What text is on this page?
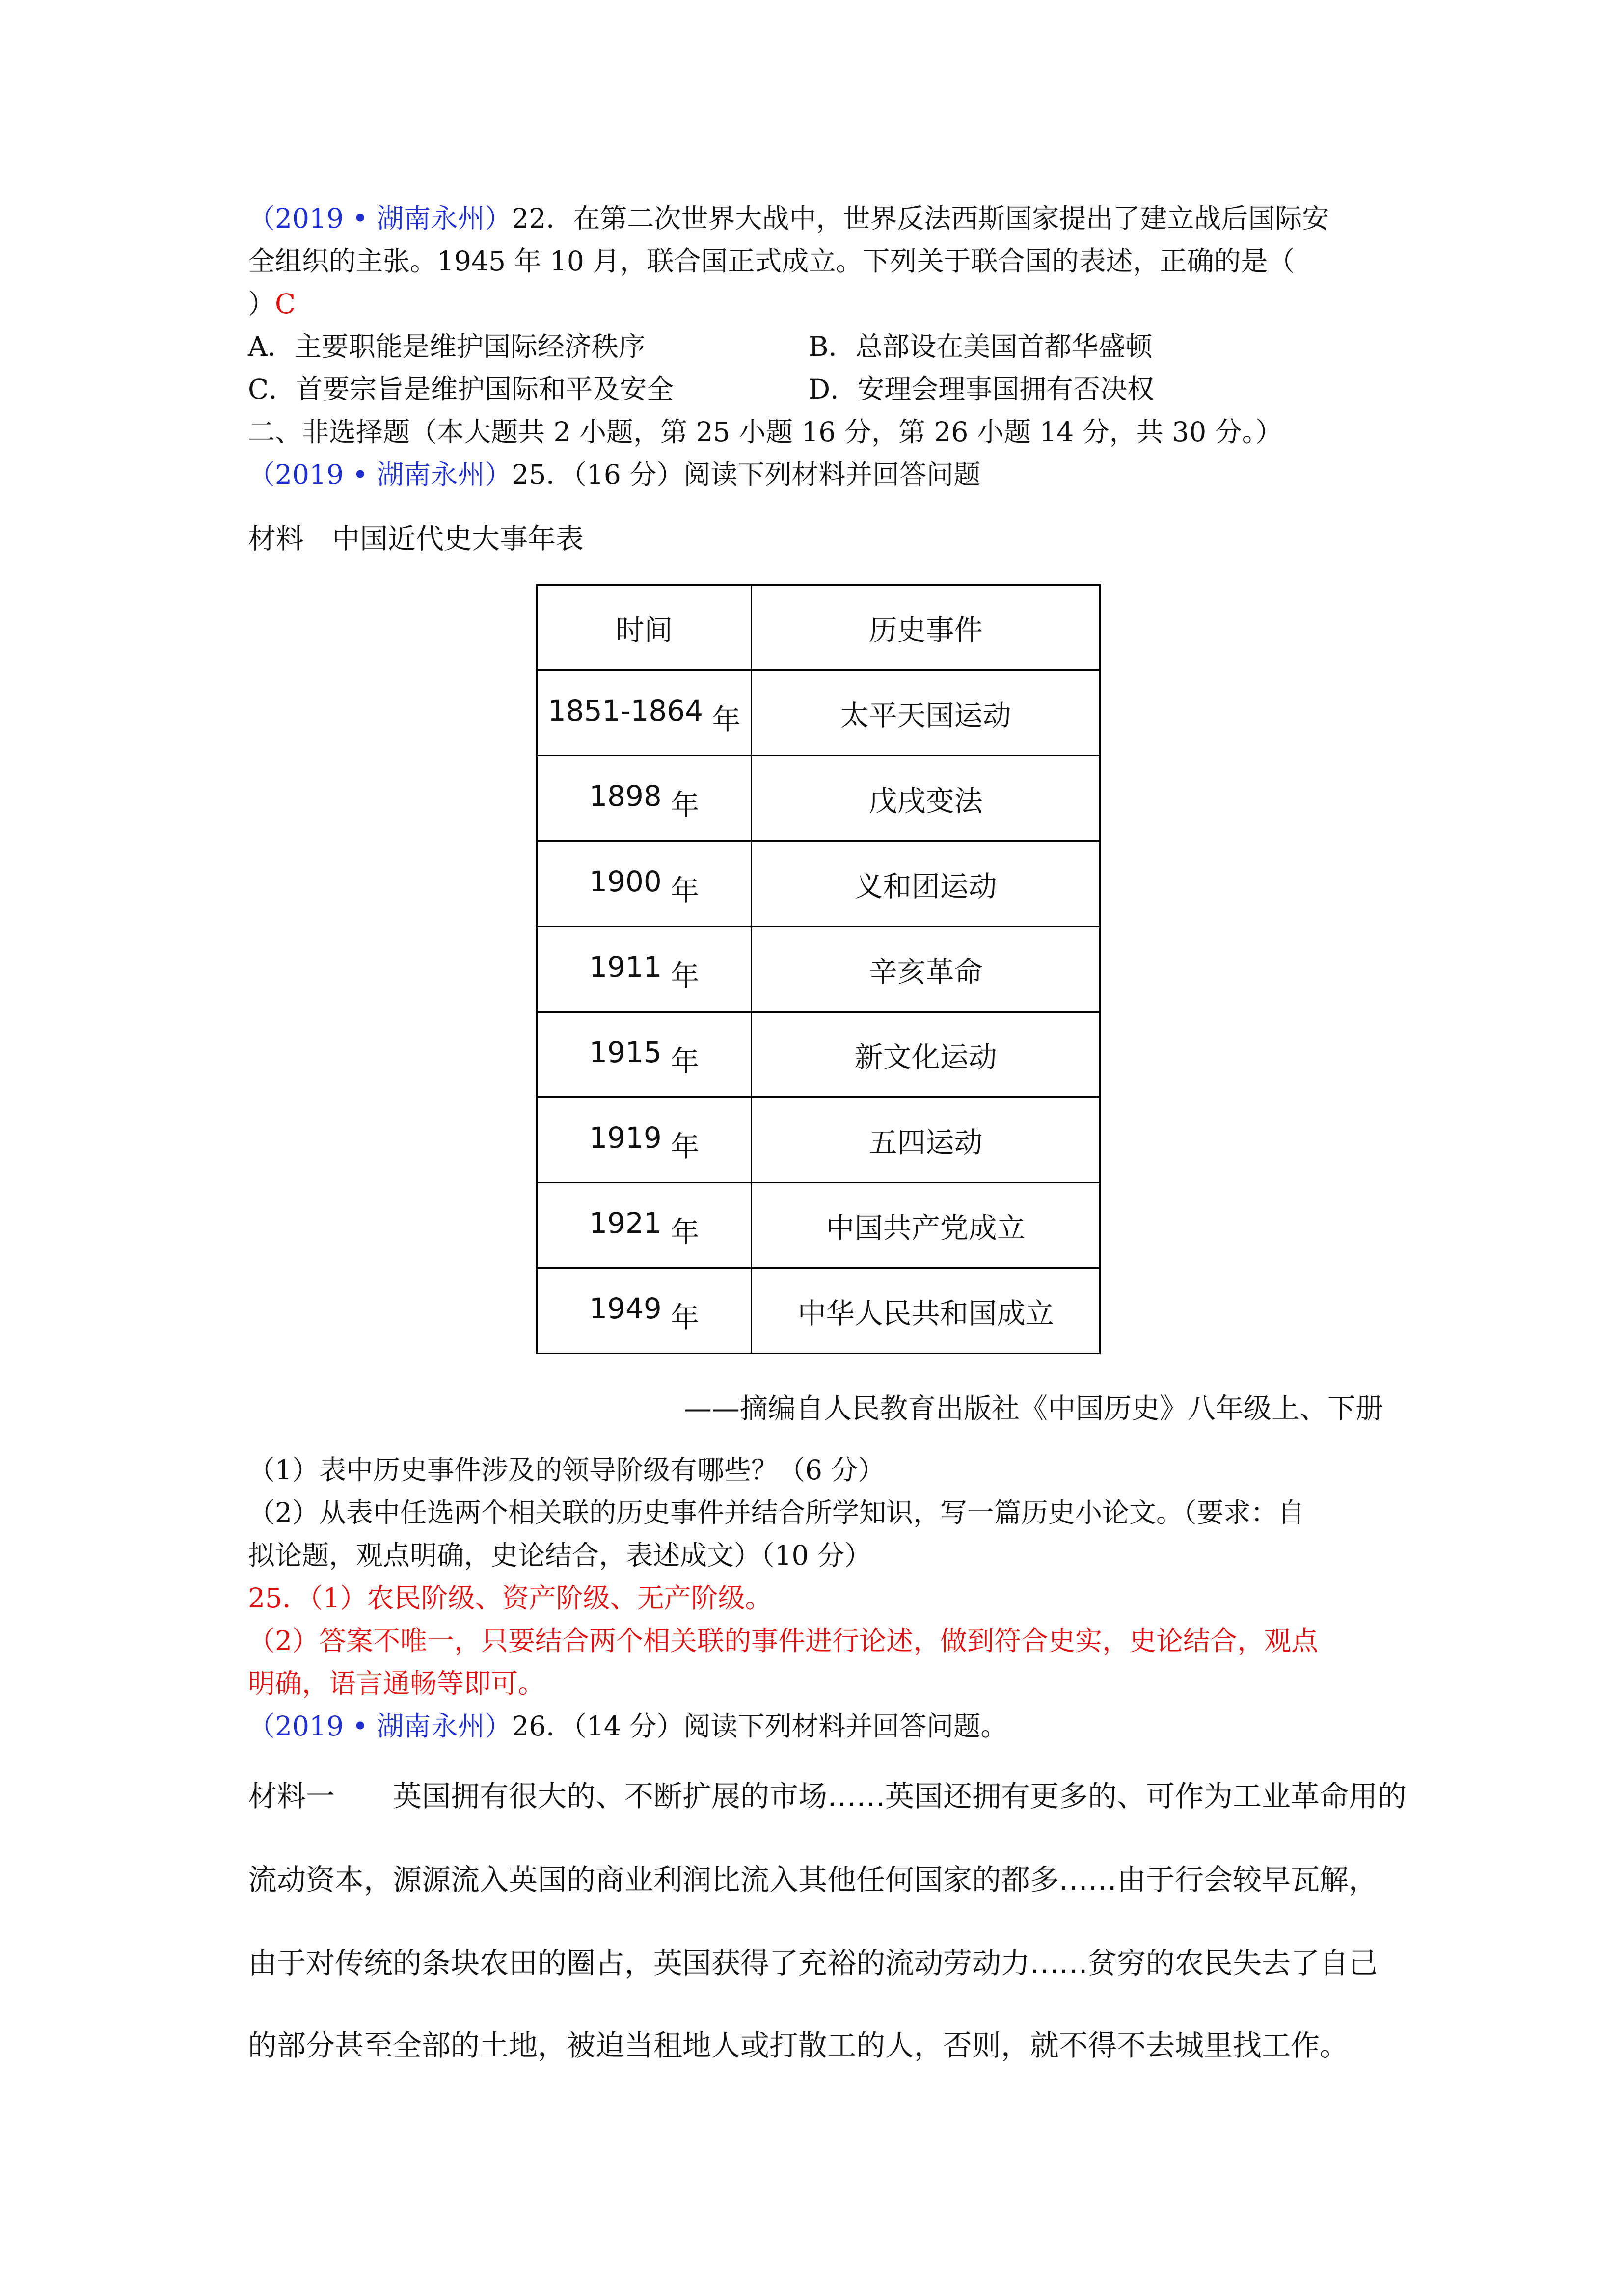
（2019 • 湖南永州）22．在第二次世界大战中，世界反法西斯国家提出了建立战后国际安
全组织的主张。1945 年 10 月，联合国正式成立。下列关于联合国的表述，正确的是（
）C
A．主要职能是维护国际经济秩序	B．总部设在美国首都华盛顿
C．首要宗旨是维护国际和平及安全	D．安理会理事国拥有否决权
二、非选择题（本大题共 2 小题，第 25 小题 16 分，第 26 小题 14 分，共 30 分。）
（2019 • 湖南永州）25．（16 分）阅读下列材料并回答问题
材料　中国近代史大事年表
时间	历史事件
1851-1864 年	太平天国运动
1898 年	戊戌变法
1900 年	义和团运动
1911 年	辛亥革命
1915 年	新文化运动
1919 年	五四运动
1921 年	中国共产党成立
1949 年	中华人民共和国成立
——摘编自人民教育出版社《中国历史》八年级上、下册
（1）表中历史事件涉及的领导阶级有哪些？（6 分）
（2）从表中任选两个相关联的历史事件并结合所学知识，写一篇历史小论文。（要求：自
拟论题，观点明确，史论结合，表述成文）（10 分）
25．（1）农民阶级、资产阶级、无产阶级。
（2）答案不唯一，只要结合两个相关联的事件进行论述，做到符合史实，史论结合，观点
明确，语言通畅等即可。
（2019 • 湖南永州）26．（14 分）阅读下列材料并回答问题。
材料一　　英国拥有很大的、不断扩展的市场……英国还拥有更多的、可作为工业革命用的
流动资本，源源流入英国的商业利润比流入其他任何国家的都多……由于行会较早瓦解，
由于对传统的条块农田的圈占，英国获得了充裕的流动劳动力……贫穷的农民失去了自己
的部分甚至全部的土地，被迫当租地人或打散工的人，否则，就不得不去城里找工作。
